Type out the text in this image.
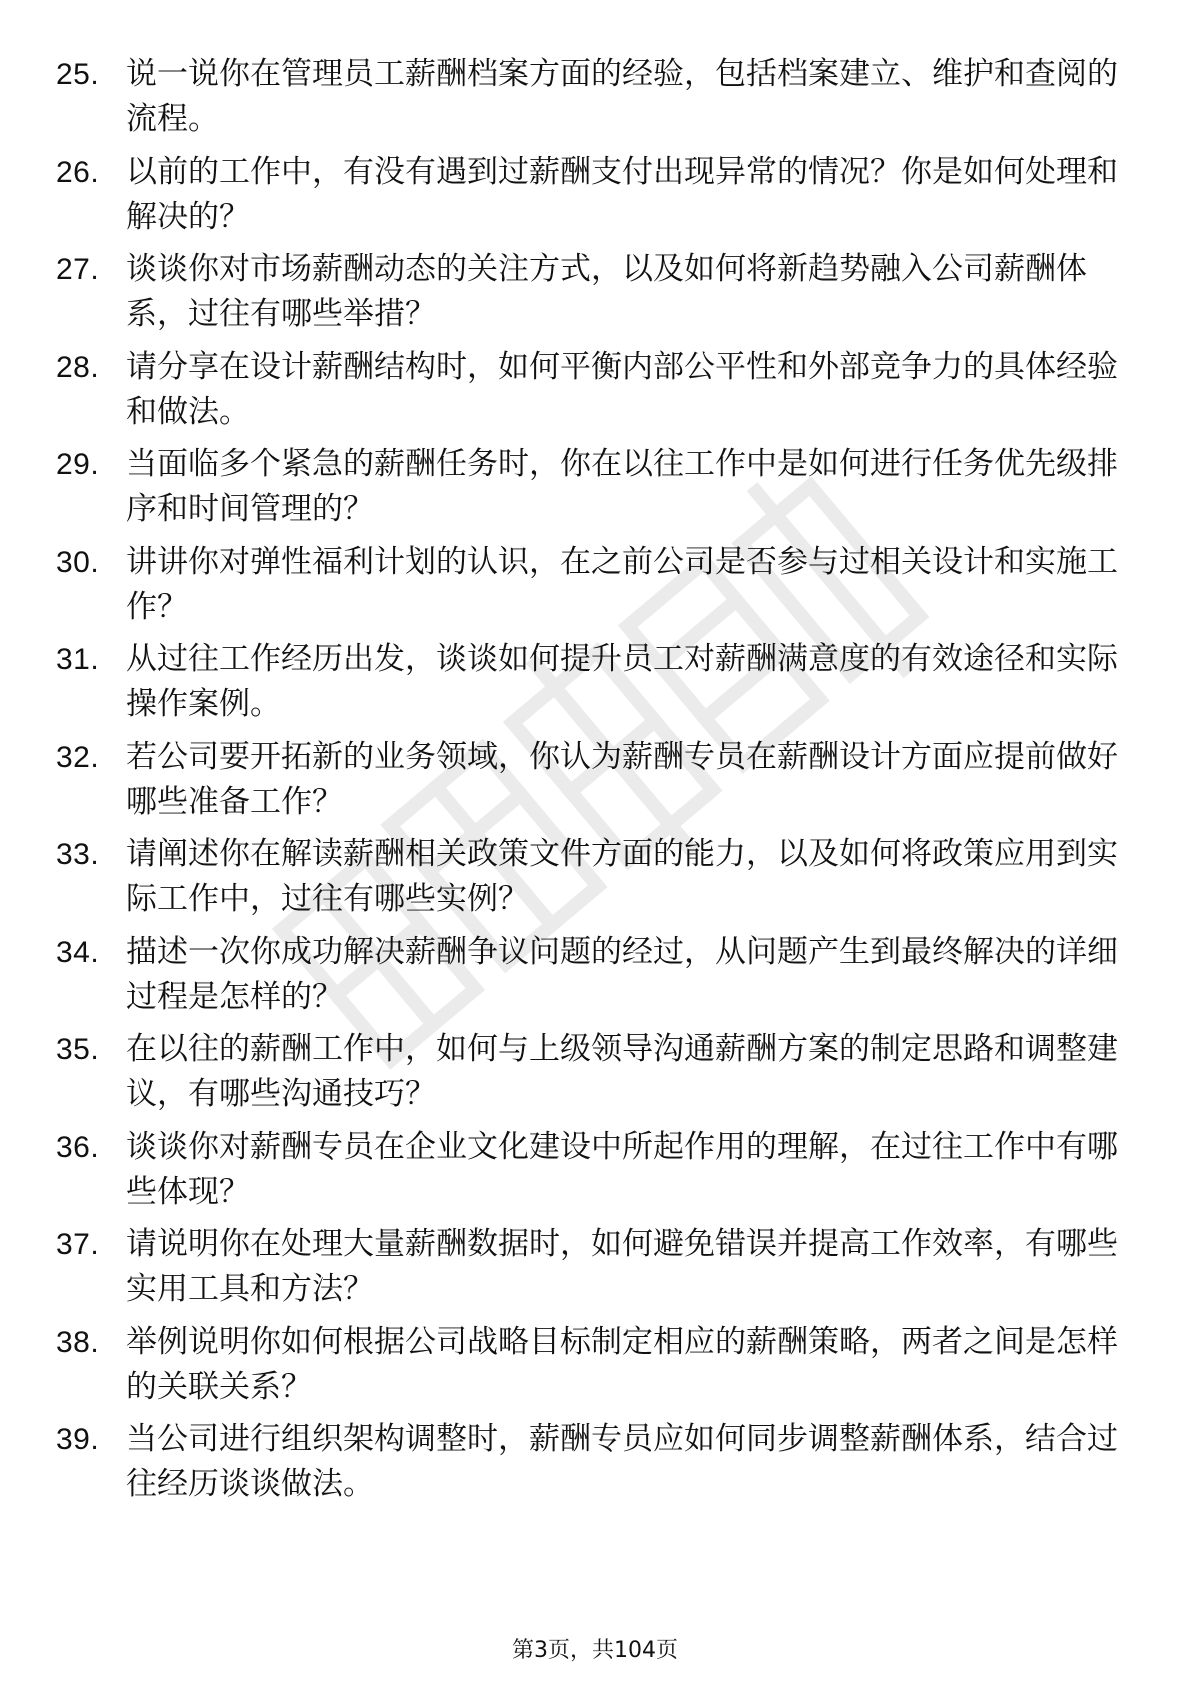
25. 说一说你在管理员工薪酬档案方面的经验，包括档案建立、维护和查阅的流程。

26. 以前的工作中，有没有遇到过薪酬支付出现异常的情况？你是如何处理和解决的？

27. 谈谈你对市场薪酬动态的关注方式，以及如何将新趋势融入公司薪酬体系，过往有哪些举措？

28. 请分享在设计薪酬结构时，如何平衡内部公平性和外部竞争力的具体经验和做法。

29. 当面临多个紧急的薪酬任务时，你在以往工作中是如何进行任务优先级排序和时间管理的？

30. 讲讲你对弹性福利计划的认识，在之前公司是否参与过相关设计和实施工作？

31. 从过往工作经历出发，谈谈如何提升员工对薪酬满意度的有效途径和实际操作案例。

32. 若公司要开拓新的业务领域，你认为薪酬专员在薪酬设计方面应提前做好哪些准备工作？

33. 请阐述你在解读薪酬相关政策文件方面的能力，以及如何将政策应用到实际工作中，过往有哪些实例？

34. 描述一次你成功解决薪酬争议问题的经过，从问题产生到最终解决的详细过程是怎样的？

35. 在以往的薪酬工作中，如何与上级领导沟通薪酬方案的制定思路和调整建议，有哪些沟通技巧？

36. 谈谈你对薪酬专员在企业文化建设中所起作用的理解，在过往工作中有哪些体现？

37. 请说明你在处理大量薪酬数据时，如何避免错误并提高工作效率，有哪些实用工具和方法？

38. 举例说明你如何根据公司战略目标制定相应的薪酬策略，两者之间是怎样的关联关系？

39. 当公司进行组织架构调整时，薪酬专员应如何同步调整薪酬体系，结合过往经历谈谈做法。

第3页，共104页
